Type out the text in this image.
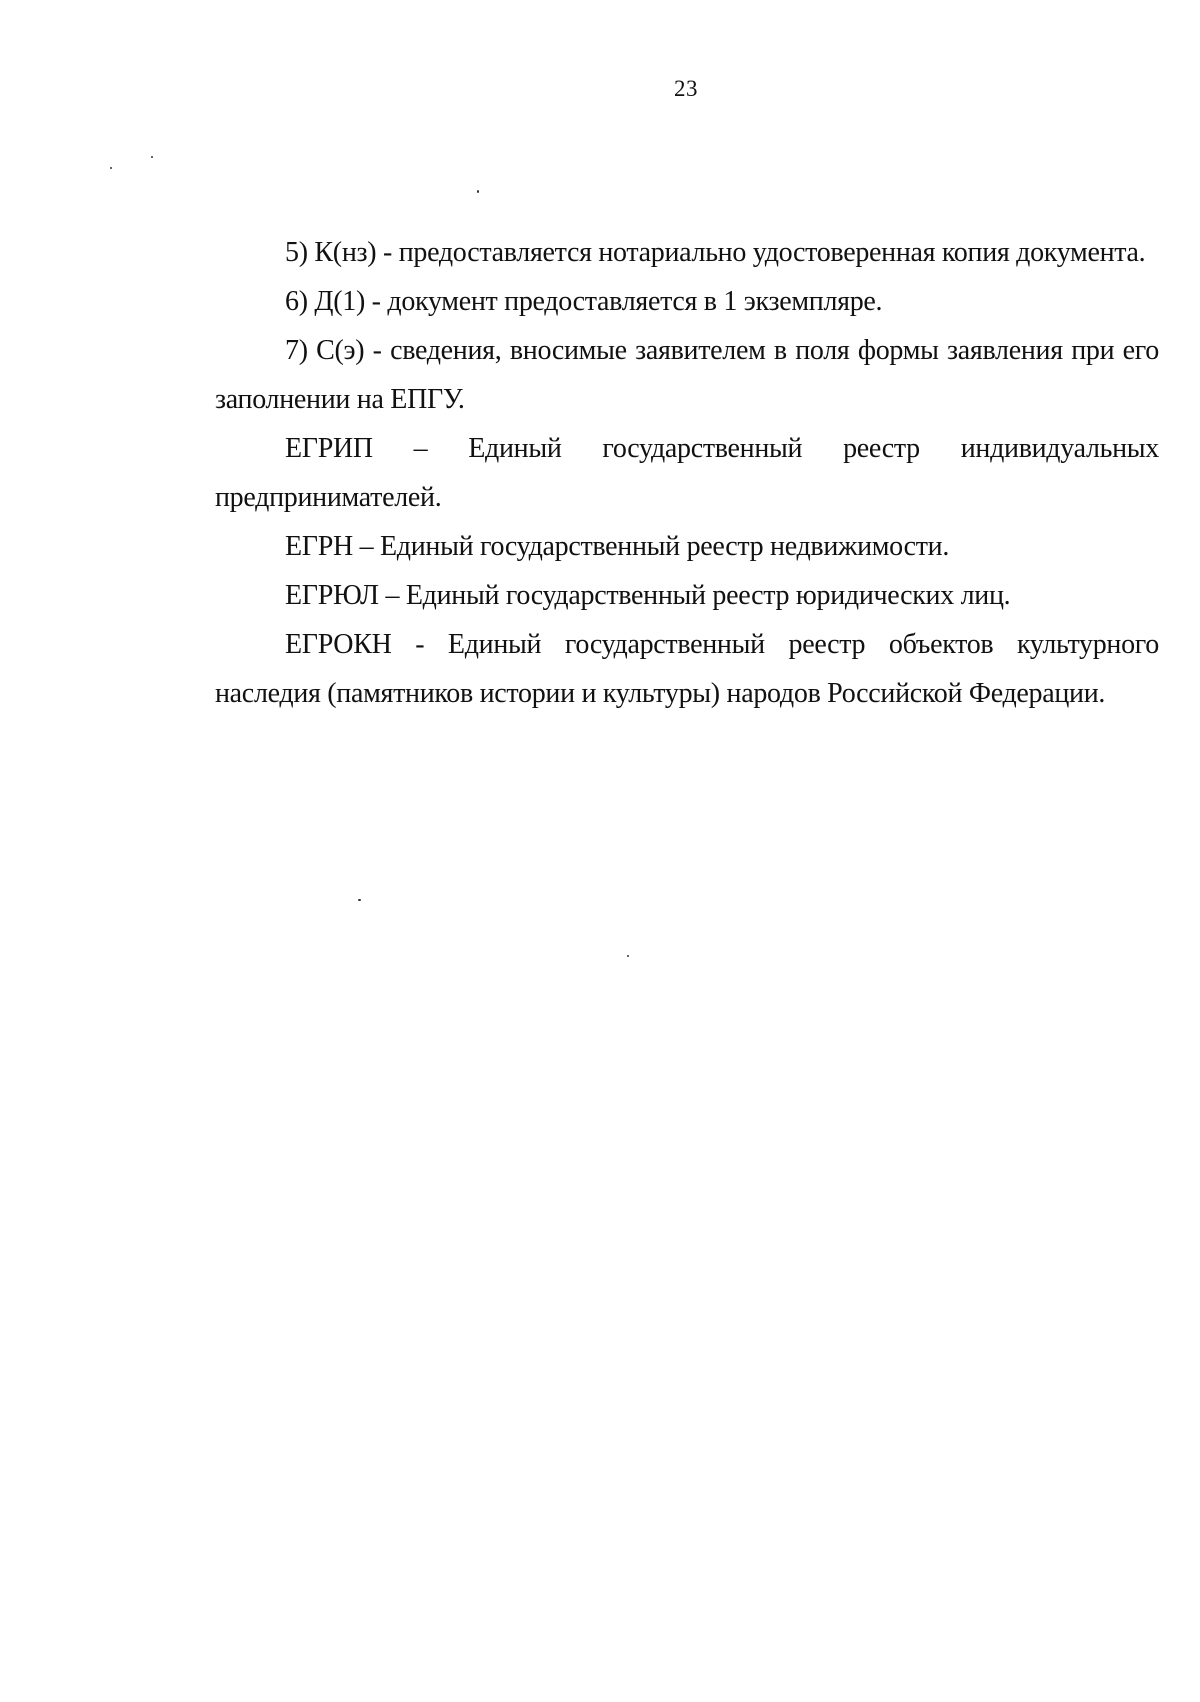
23

5) К(нз) - предоставляется нотариально удостоверенная копия документа.

6) Д(1) - документ предоставляется в 1 экземпляре.

7) С(э) - сведения, вносимые заявителем в поля формы заявления при его заполнении на ЕПГУ.

ЕГРИП – Единый государственный реестр индивидуальных предпринимателей.

ЕГРН – Единый государственный реестр недвижимости.

ЕГРЮЛ – Единый государственный реестр юридических лиц.

ЕГРОКН - Единый государственный реестр объектов культурного наследия (памятников истории и культуры) народов Российской Федерации.
